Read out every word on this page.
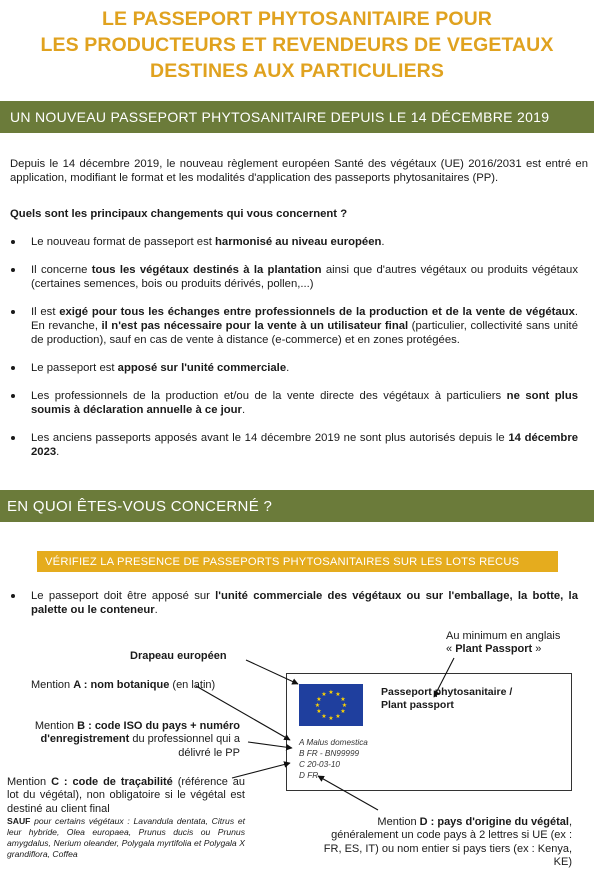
LE PASSEPORT PHYTOSANITAIRE POUR
LES PRODUCTEURS ET REVENDEURS DE VEGETAUX
DESTINES AUX PARTICULIERS
UN NOUVEAU PASSEPORT PHYTOSANITAIRE DEPUIS LE 14 DÉCEMBRE 2019

Depuis le 14 décembre 2019, le nouveau règlement européen Santé des végétaux (UE) 2016/2031 est entré en application, modifiant le format et les modalités d'application des passeports phytosanitaires (PP).

Quels sont les principaux changements qui vous concernent ?

Le nouveau format de passeport est harmonisé au niveau européen.
Il concerne tous les végétaux destinés à la plantation ainsi que d'autres végétaux ou produits végétaux (certaines semences, bois ou produits dérivés, pollen,...)
Il est exigé pour tous les échanges entre professionnels de la production et de la vente de végétaux. En revanche, il n'est pas nécessaire pour la vente à un utilisateur final (particulier, collectivité sans unité de production), sauf en cas de vente à distance (e-commerce) et en zones protégées.
Le passeport est apposé sur l'unité commerciale.
Les professionnels de la production et/ou de la vente directe des végétaux à particuliers ne sont plus soumis à déclaration annuelle à ce jour.
Les anciens passeports apposés avant le 14 décembre 2019 ne sont plus autorisés depuis le 14 décembre 2023.
EN QUOI ÊTES-VOUS CONCERNÉ ?
VÉRIFIEZ LA PRESENCE DE PASSEPORTS PHYTOSANITAIRES SUR LES LOTS RECUS
Le passeport doit être apposé sur l'unité commerciale des végétaux ou sur l'emballage, la botte, la palette ou le conteneur.
Au minimum en anglais
« Plant Passport »
Drapeau européen
Mention A : nom botanique (en latin)
Mention B : code ISO du pays + numéro d'enregistrement du professionnel qui a délivré le PP
Mention C : code de traçabilité (référence au lot du végétal), non obligatoire si le végétal est destiné au client final
SAUF pour certains végétaux : Lavandula dentata, Citrus et leur hybride, Olea europaea, Prunus ducis ou Prunus amygdalus, Nerium oleander, Polygala myrtifolia et Polygala X grandiflora, Coffea
Mention D : pays d'origine du végétal, généralement un code pays à 2 lettres si UE (ex : FR, ES, IT) ou nom entier si pays tiers (ex : Kenya, KE)
★ ★
★
★
★
★
★
★
★
★
★
★	Passeport phytosanitaire /
Plant passport
A Malus domestica
B FR - BN99999
C 20-03-10
D FR
